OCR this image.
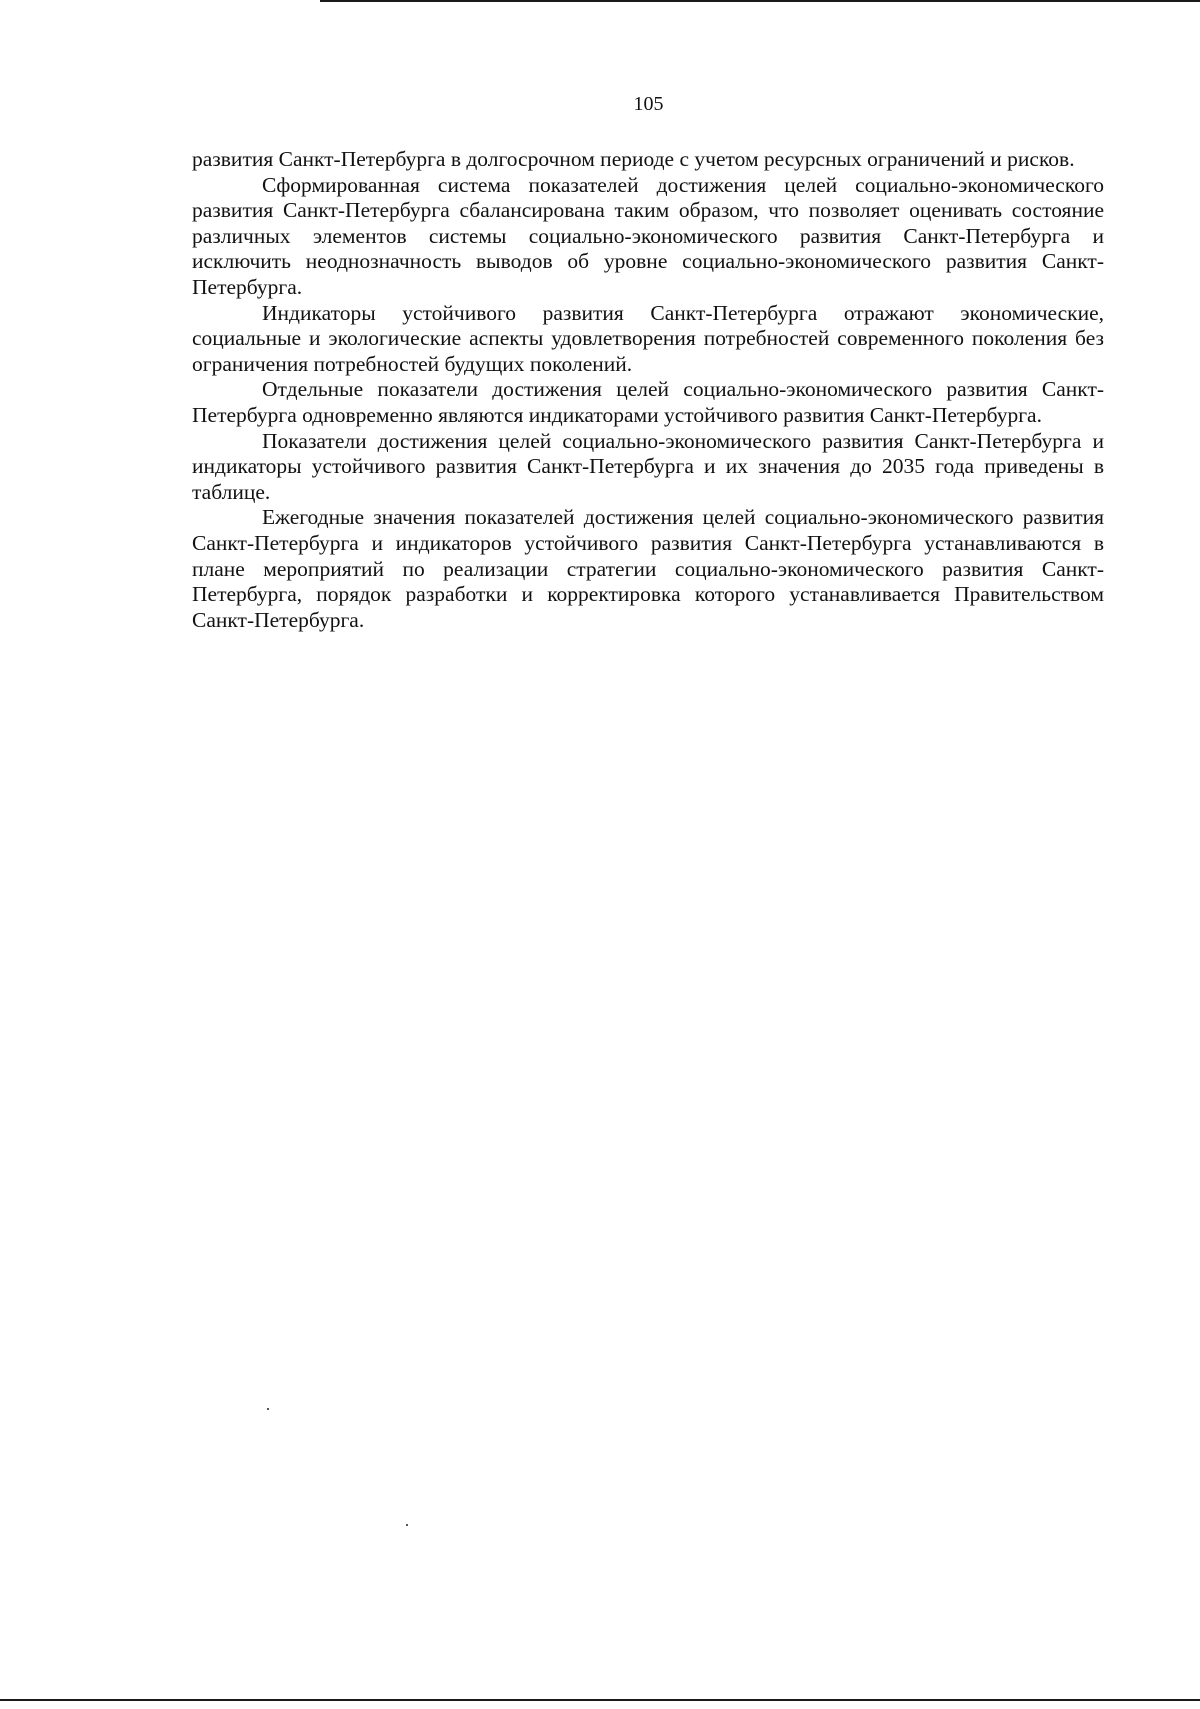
105

развития Санкт-Петербурга в долгосрочном периоде с учетом ресурсных ограничений и рисков.

Сформированная система показателей достижения целей социально-экономического развития Санкт-Петербурга сбалансирована таким образом, что позволяет оценивать состояние различных элементов системы социально-экономического развития Санкт-Петербурга и исключить неоднозначность выводов об уровне социально-экономического развития Санкт-Петербурга.

Индикаторы устойчивого развития Санкт-Петербурга отражают экономические, социальные и экологические аспекты удовлетворения потребностей современного поколения без ограничения потребностей будущих поколений.

Отдельные показатели достижения целей социально-экономического развития Санкт-Петербурга одновременно являются индикаторами устойчивого развития Санкт-Петербурга.

Показатели достижения целей социально-экономического развития Санкт-Петербурга и индикаторы устойчивого развития Санкт-Петербурга и их значения до 2035 года приведены в таблице.

Ежегодные значения показателей достижения целей социально-экономического развития Санкт-Петербурга и индикаторов устойчивого развития Санкт-Петербурга устанавливаются в плане мероприятий по реализации стратегии социально-экономического развития Санкт-Петербурга, порядок разработки и корректировка которого устанавливается Правительством Санкт-Петербурга.
